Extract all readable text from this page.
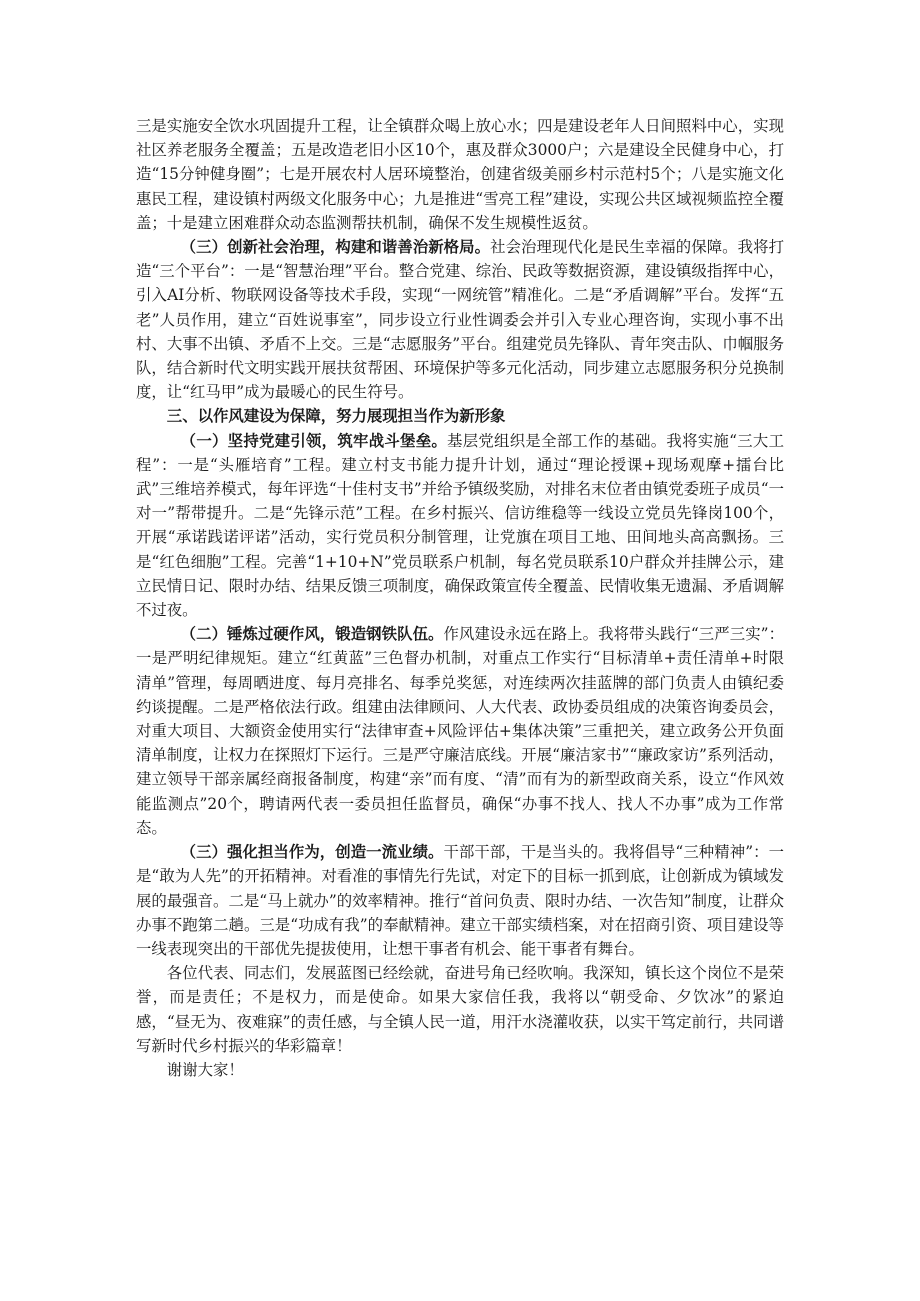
三是实施安全饮水巩固提升工程，让全镇群众喝上放心水；四是建设老年人日间照料中心，实现社区养老服务全覆盖；五是改造老旧小区10个，惠及群众3000户；六是建设全民健身中心，打造“15分钟健身圈”；七是开展农村人居环境整治，创建省级美丽乡村示范村5个；八是实施文化惠民工程，建设镇村两级文化服务中心；九是推进“雪亮工程”建设，实现公共区域视频监控全覆盖；十是建立困难群众动态监测帮扶机制，确保不发生规模性返贫。

（三）创新社会治理，构建和谐善治新格局。社会治理现代化是民生幸福的保障。我将打造“三个平台”：一是“智慧治理”平台。整合党建、综治、民政等数据资源，建设镇级指挥中心，引入AI分析、物联网设备等技术手段，实现“一网统管”精准化。二是“矛盾调解”平台。发挥“五老”人员作用，建立“百姓说事室”，同步设立行业性调委会并引入专业心理咨询，实现小事不出村、大事不出镇、矛盾不上交。三是“志愿服务”平台。组建党员先锋队、青年突击队、巾帼服务队，结合新时代文明实践开展扶贫帮困、环境保护等多元化活动，同步建立志愿服务积分兑换制度，让“红马甲”成为最暖心的民生符号。

三、以作风建设为保障，努力展现担当作为新形象

（一）坚持党建引领，筑牢战斗堡垒。基层党组织是全部工作的基础。我将实施“三大工程”：一是“头雁培育”工程。建立村支书能力提升计划，通过“理论授课+现场观摩+擂台比武”三维培养模式，每年评选“十佳村支书”并给予镇级奖励，对排名末位者由镇党委班子成员“一对一”帮带提升。二是“先锋示范”工程。在乡村振兴、信访维稳等一线设立党员先锋岗100个，开展“承诺践诺评诺”活动，实行党员积分制管理，让党旗在项目工地、田间地头高高飘扬。三是“红色细胞”工程。完善“1+10+N”党员联系户机制，每名党员联系10户群众并挂牌公示，建立民情日记、限时办结、结果反馈三项制度，确保政策宣传全覆盖、民情收集无遗漏、矛盾调解不过夜。

（二）锤炼过硬作风，锻造钢铁队伍。作风建设永远在路上。我将带头践行“三严三实”：一是严明纪律规矩。建立“红黄蓝”三色督办机制，对重点工作实行“目标清单+责任清单+时限清单”管理，每周晒进度、每月亮排名、每季兑奖惩，对连续两次挂蓝牌的部门负责人由镇纪委约谈提醒。二是严格依法行政。组建由法律顾问、人大代表、政协委员组成的决策咨询委员会，对重大项目、大额资金使用实行“法律审查+风险评估+集体决策”三重把关，建立政务公开负面清单制度，让权力在探照灯下运行。三是严守廉洁底线。开展“廉洁家书”“廉政家访”系列活动，建立领导干部亲属经商报备制度，构建“亲”而有度、“清”而有为的新型政商关系，设立“作风效能监测点”20个，聘请两代表一委员担任监督员，确保“办事不找人、找人不办事”成为工作常态。

（三）强化担当作为，创造一流业绩。干部干部，干是当头的。我将倡导“三种精神”：一是“敢为人先”的开拓精神。对看准的事情先行先试，对定下的目标一抓到底，让创新成为镇域发展的最强音。二是“马上就办”的效率精神。推行“首问负责、限时办结、一次告知”制度，让群众办事不跑第二趟。三是“功成有我”的奉献精神。建立干部实绩档案，对在招商引资、项目建设等一线表现突出的干部优先提拔使用，让想干事者有机会、能干事者有舞台。

各位代表、同志们，发展蓝图已经绘就，奋进号角已经吹响。我深知，镇长这个岗位不是荣誉，而是责任；不是权力，而是使命。如果大家信任我，我将以“朝受命、夕饮冰”的紧迫感，“昼无为、夜难寐”的责任感，与全镇人民一道，用汗水浇灌收获，以实干笃定前行，共同谱写新时代乡村振兴的华彩篇章！

谢谢大家！
